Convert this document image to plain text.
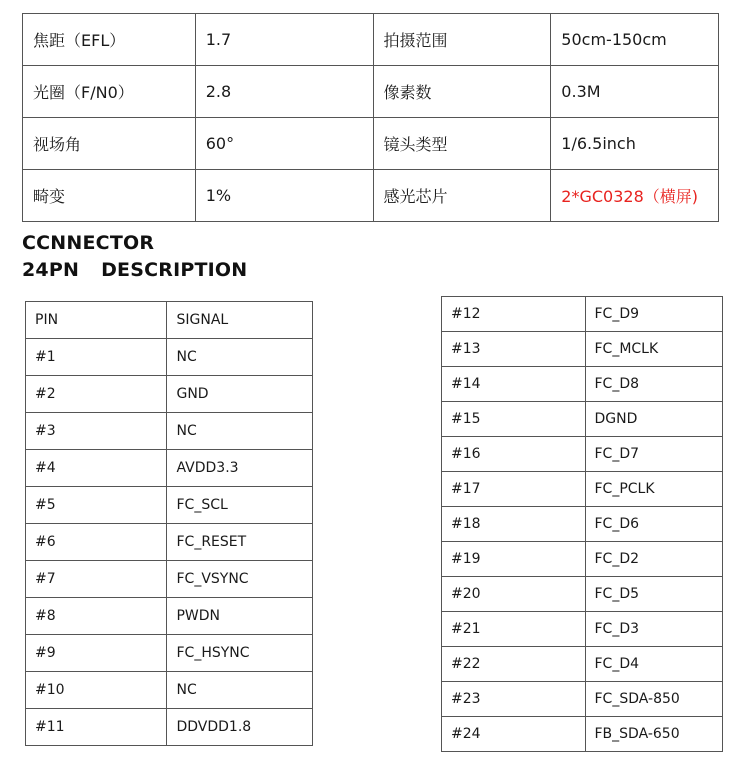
焦距（EFL）	1.7	拍摄范围	50cm-150cm
光圈（F/N0）	2.8	像素数	0.3M
视场角	60°	镜头类型	1/6.5inch
畸变	1%	感光芯片	2*GC0328（横屏)
CCNNECTOR
24PN DESCRIPTION
PIN	SIGNAL
#1	NC
#2	GND
#3	NC
#4	AVDD3.3
#5	FC_SCL
#6	FC_RESET
#7	FC_VSYNC
#8	PWDN
#9	FC_HSYNC
#10	NC
#11	DDVDD1.8
#12	FC_D9
#13	FC_MCLK
#14	FC_D8
#15	DGND
#16	FC_D7
#17	FC_PCLK
#18	FC_D6
#19	FC_D2
#20	FC_D5
#21	FC_D3
#22	FC_D4
#23	FC_SDA-850
#24	FB_SDA-650
